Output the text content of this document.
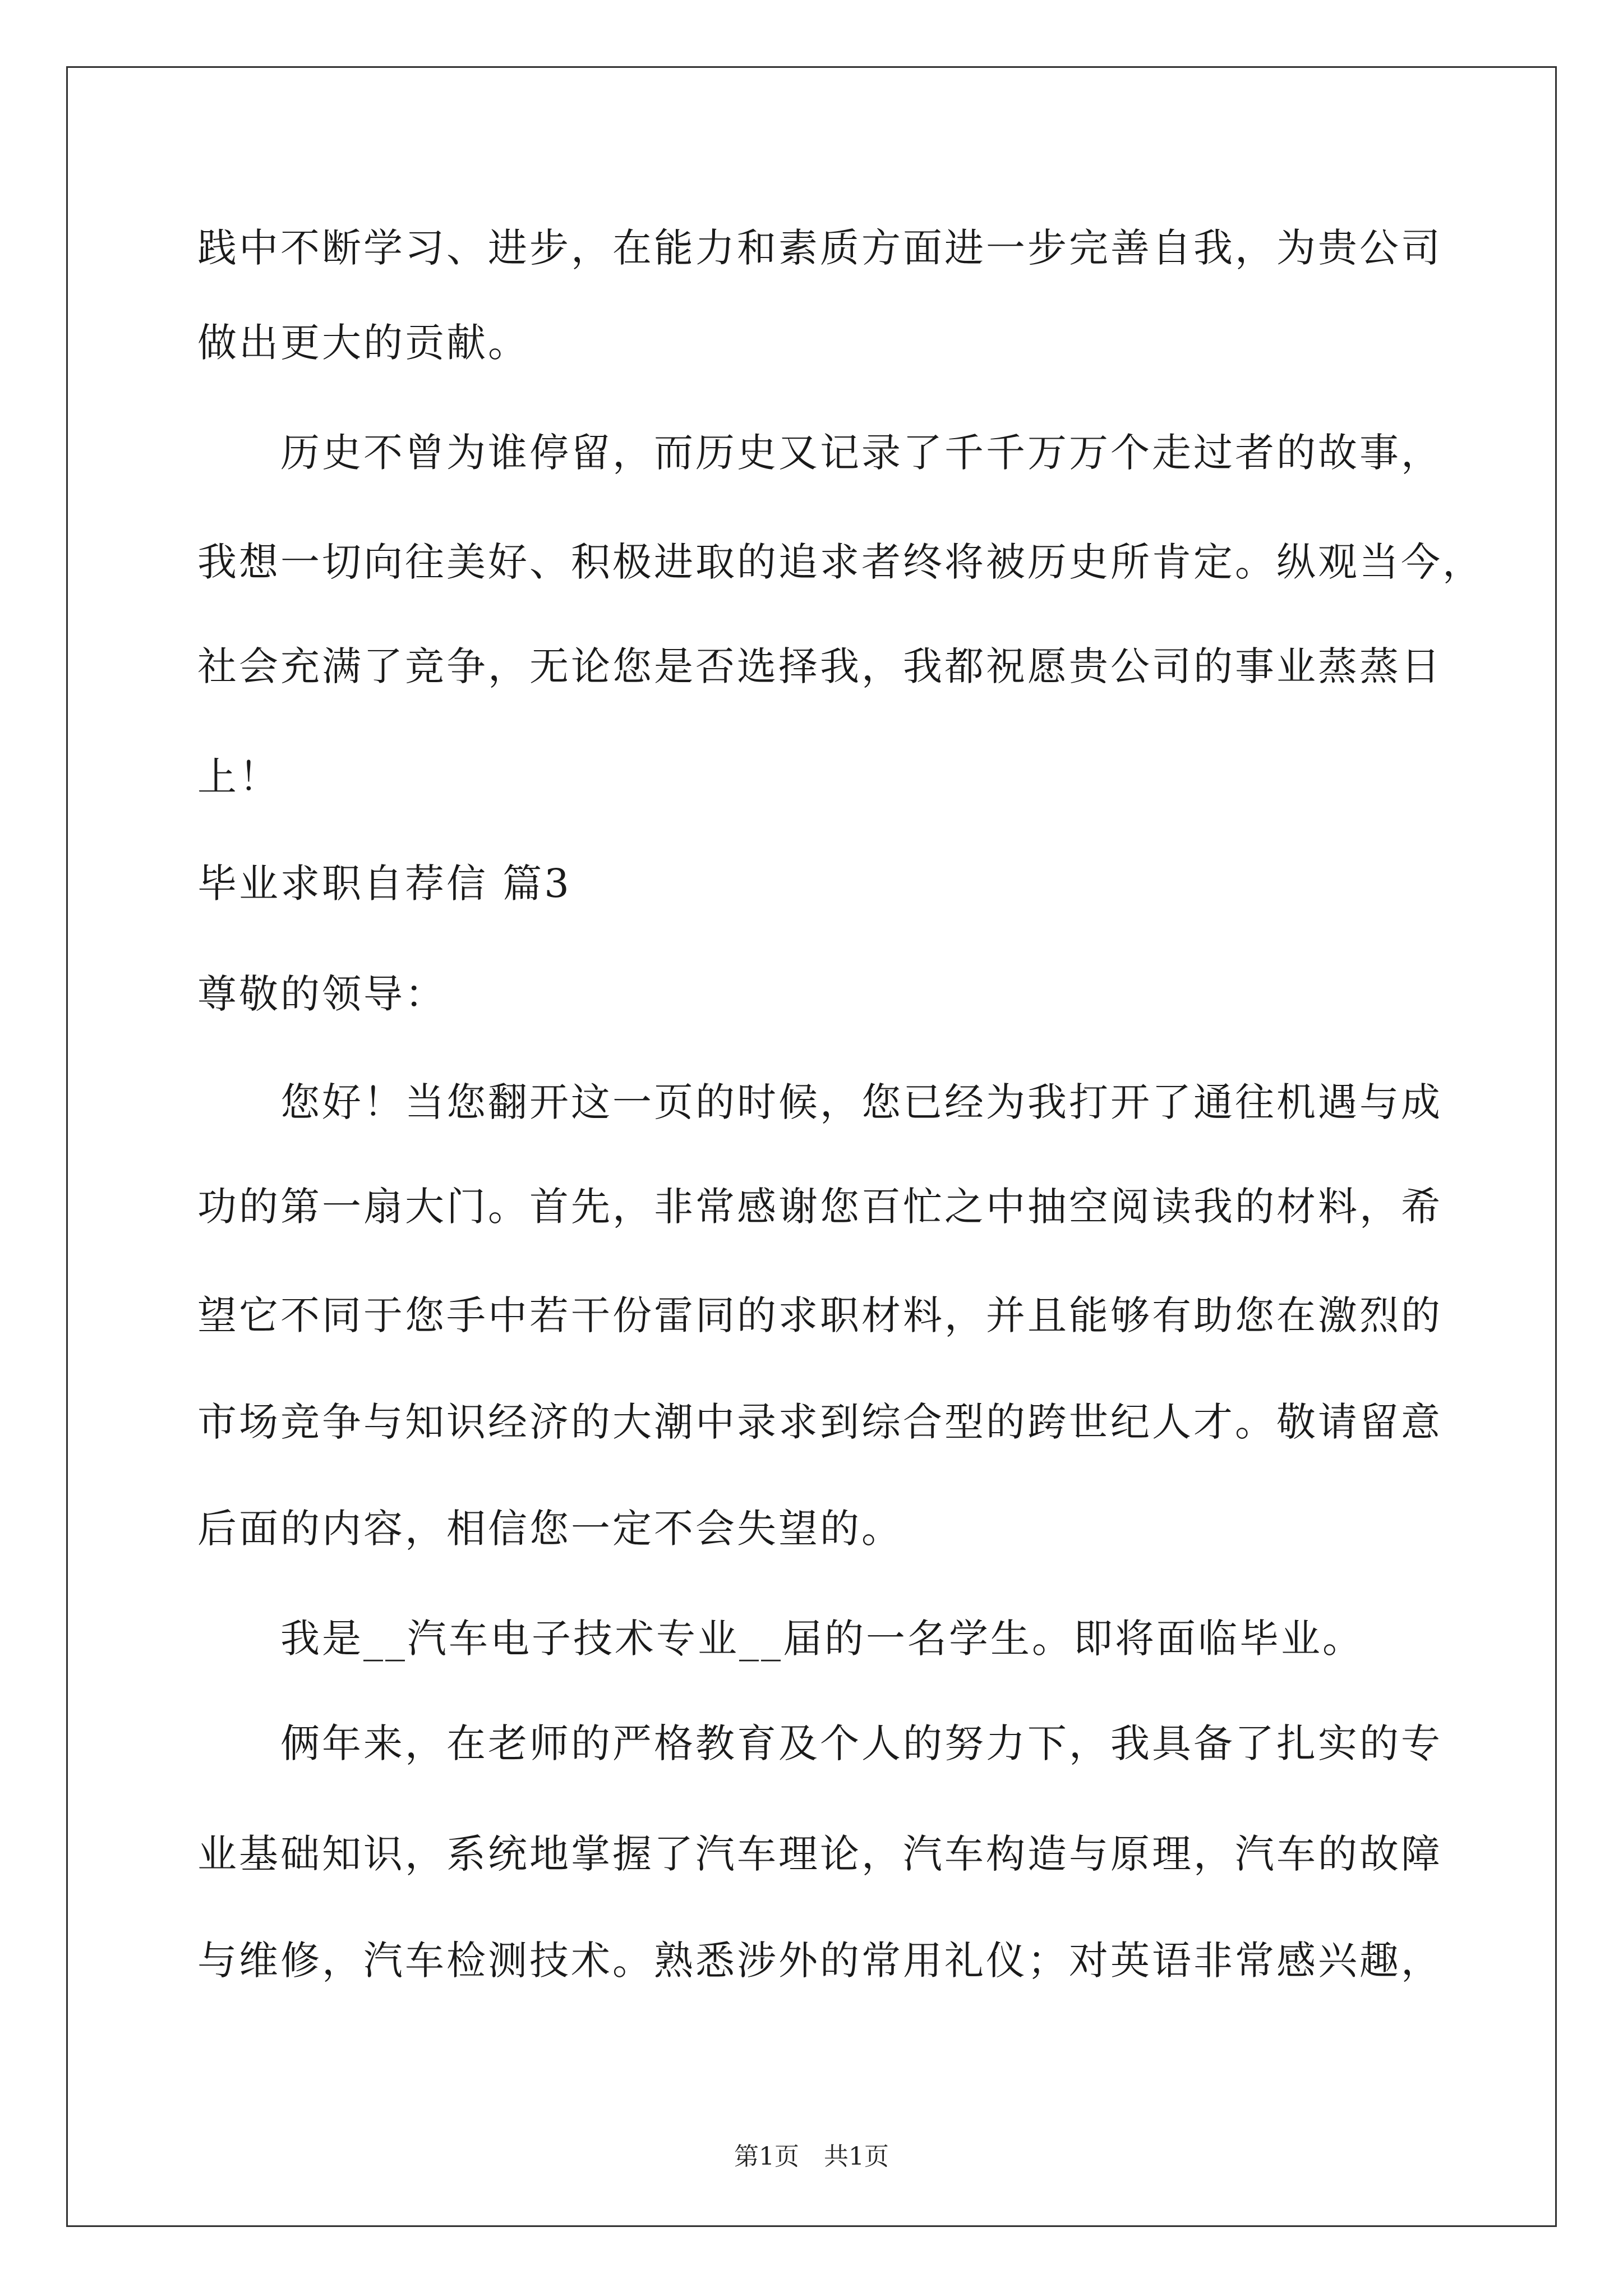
践中不断学习、进步，在能力和素质方面进一步完善自我，为贵公司
做出更大的贡献。
历史不曾为谁停留，而历史又记录了千千万万个走过者的故事，
我想一切向往美好、积极进取的追求者终将被历史所肯定。纵观当今，
社会充满了竞争，无论您是否选择我，我都祝愿贵公司的事业蒸蒸日
上！
毕业求职自荐信 篇3
尊敬的领导：
您好！当您翻开这一页的时候，您已经为我打开了通往机遇与成
功的第一扇大门。首先，非常感谢您百忙之中抽空阅读我的材料，希
望它不同于您手中若干份雷同的求职材料，并且能够有助您在激烈的
市场竞争与知识经济的大潮中录求到综合型的跨世纪人才。敬请留意
后面的内容，相信您一定不会失望的。
我是__汽车电子技术专业__届的一名学生。即将面临毕业。
俩年来，在老师的严格教育及个人的努力下，我具备了扎实的专
业基础知识，系统地掌握了汽车理论，汽车构造与原理，汽车的故障
与维修，汽车检测技术。熟悉涉外的常用礼仪；对英语非常感兴趣，
第1页　共1页
